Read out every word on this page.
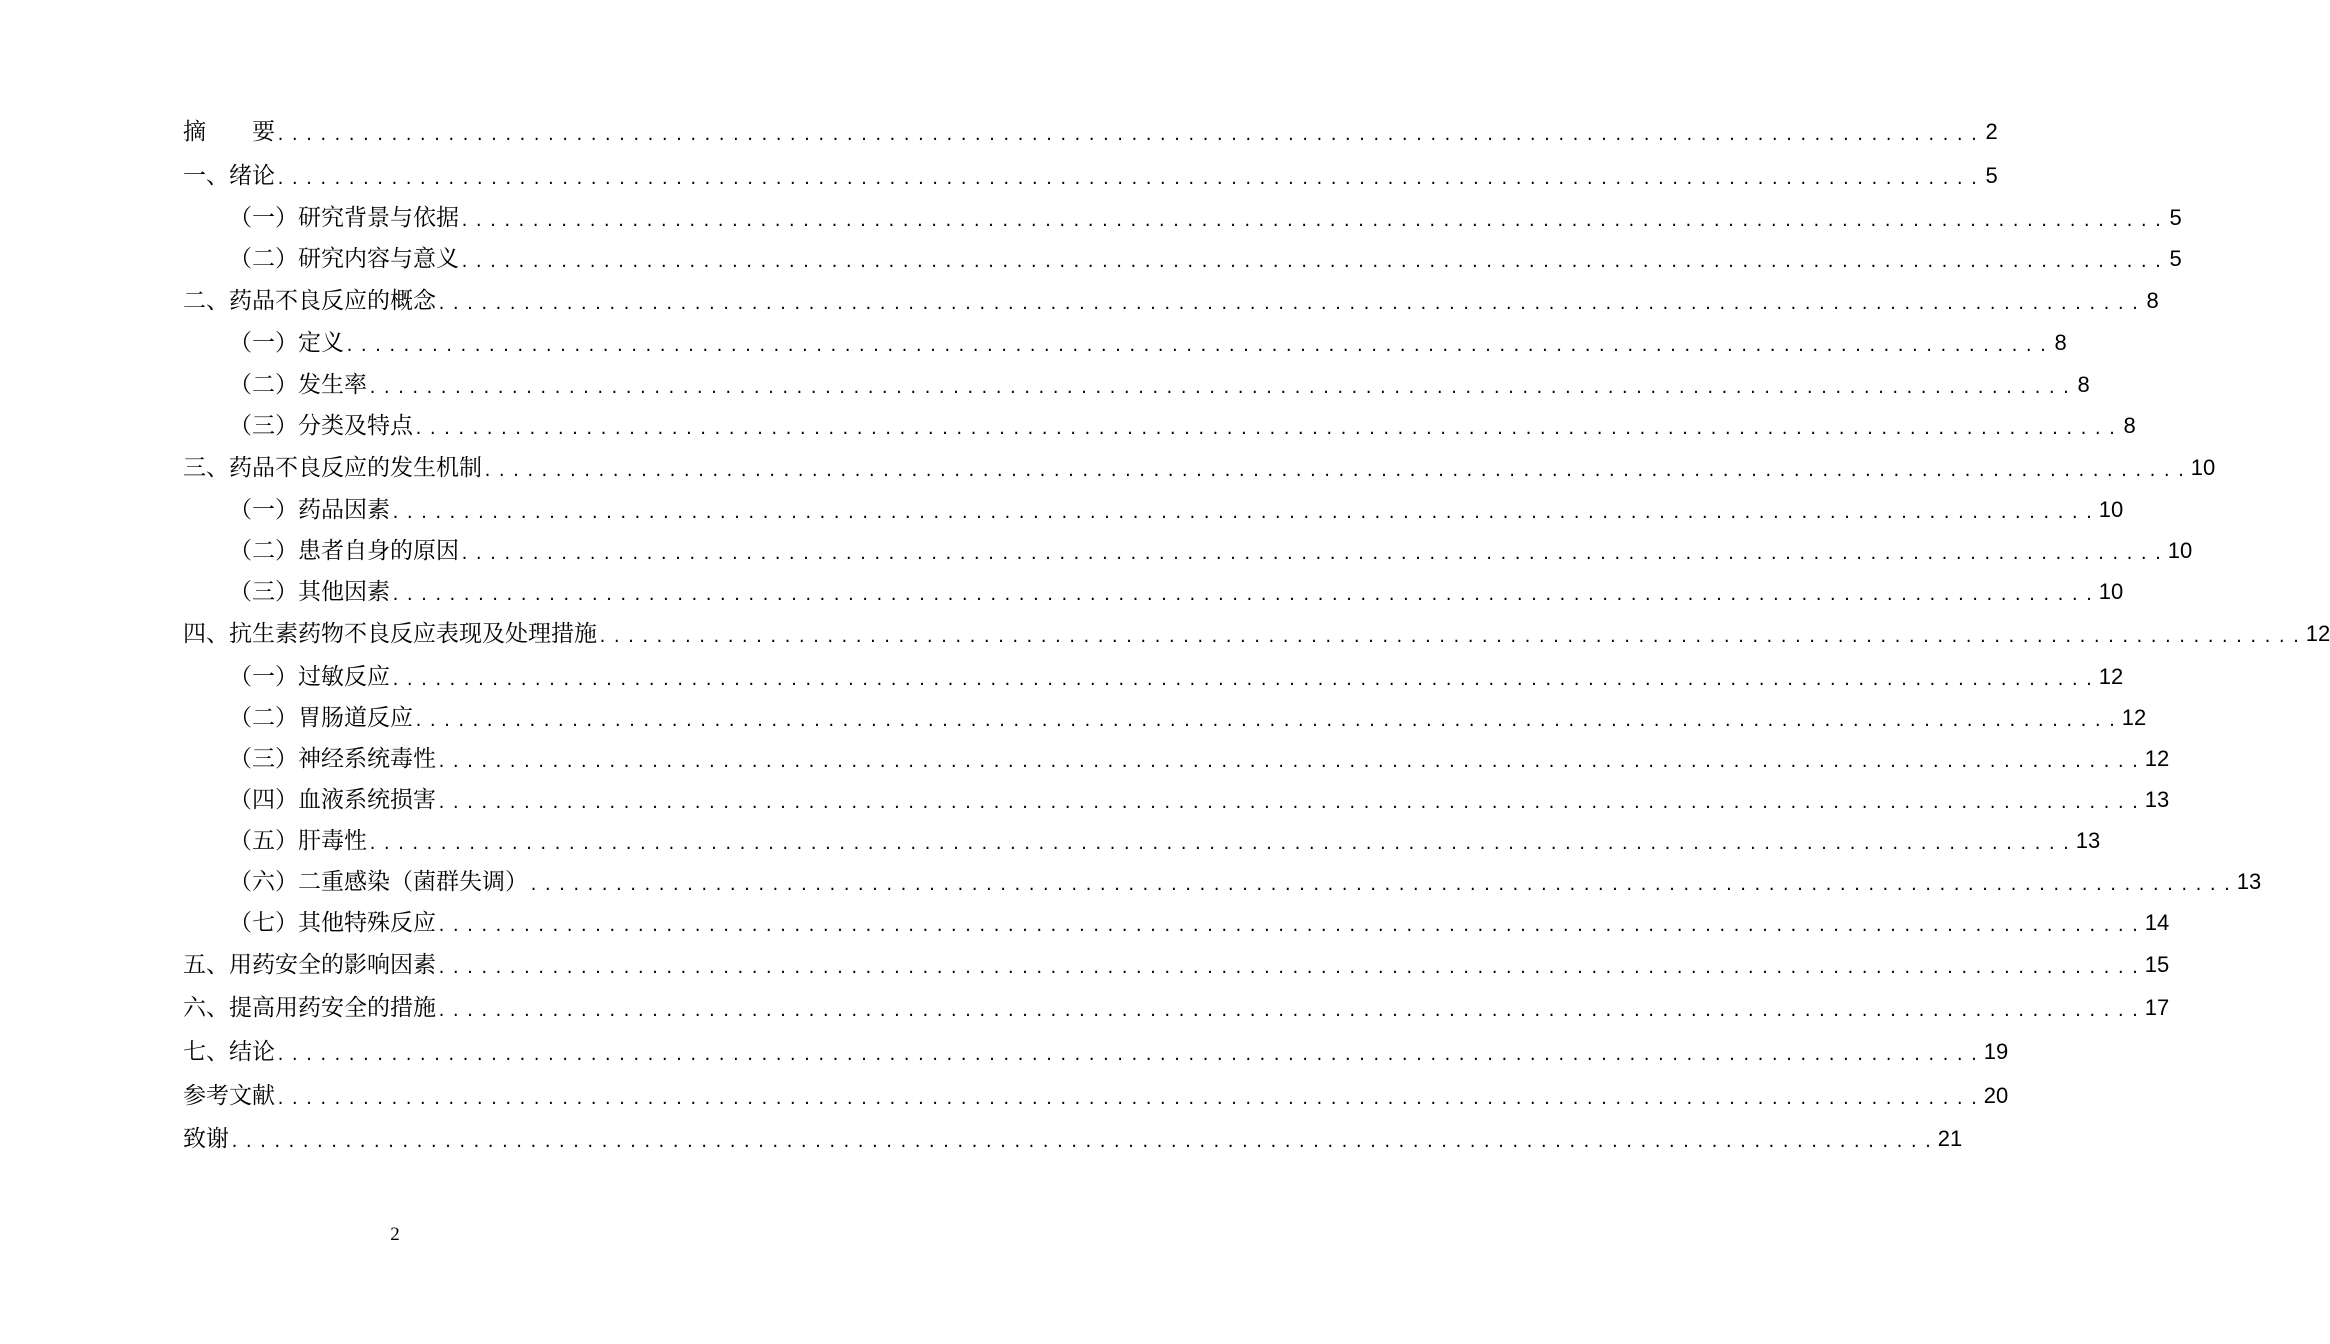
摘　　要 ........................................................................................................................ 2
一、绪论 ........................................................................................................................ 5
（一）研究背景与依据 ........................................................................................................................ 5
（二）研究内容与意义 ........................................................................................................................ 5
二、药品不良反应的概念 ........................................................................................................................ 8
（一）定义 ........................................................................................................................ 8
（二）发生率 ........................................................................................................................ 8
（三）分类及特点 ........................................................................................................................ 8
三、药品不良反应的发生机制 ........................................................................................................................ 10
（一）药品因素 ........................................................................................................................ 10
（二）患者自身的原因 ........................................................................................................................ 10
（三）其他因素 ........................................................................................................................ 10
四、抗生素药物不良反应表现及处理措施 ........................................................................................................................ 12
（一）过敏反应 ........................................................................................................................ 12
（二）胃肠道反应 ........................................................................................................................ 12
（三）神经系统毒性 ........................................................................................................................ 12
（四）血液系统损害 ........................................................................................................................ 13
（五）肝毒性 ........................................................................................................................ 13
（六）二重感染（菌群失调） ........................................................................................................................ 13
（七）其他特殊反应 ........................................................................................................................ 14
五、用药安全的影响因素 ........................................................................................................................ 15
六、提高用药安全的措施 ........................................................................................................................ 17
七、结论 ........................................................................................................................ 19
参考文献 ........................................................................................................................ 20
致谢 ........................................................................................................................ 21
2
